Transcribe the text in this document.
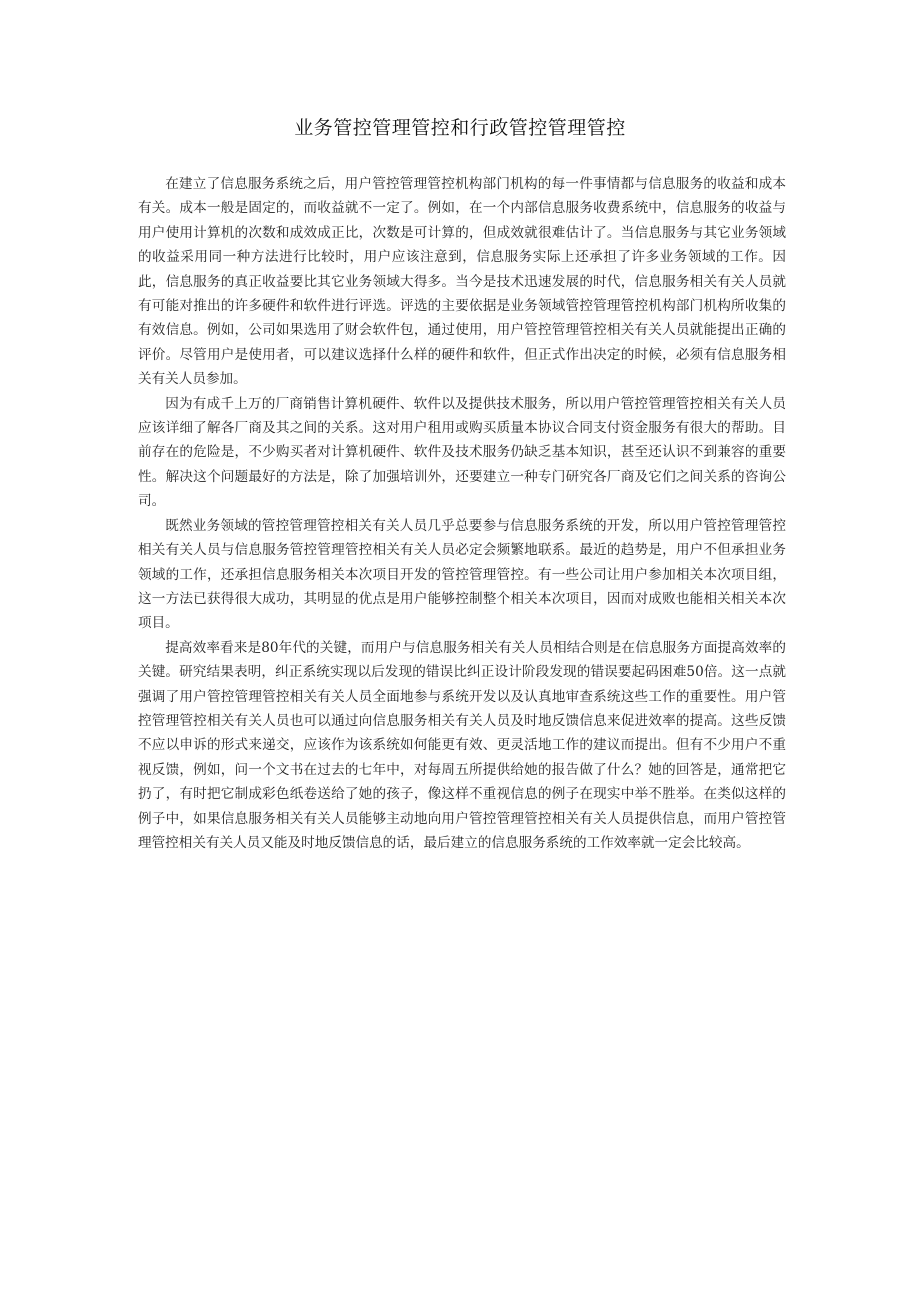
业务管控管理管控和行政管控管理管控

在建立了信息服务系统之后，用户管控管理管控机构部门机构的每一件事情都与信息服务的收益和成本有关。成本一般是固定的，而收益就不一定了。例如，在一个内部信息服务收费系统中，信息服务的收益与用户使用计算机的次数和成效成正比，次数是可计算的，但成效就很难估计了。当信息服务与其它业务领域的收益采用同一种方法进行比较时，用户应该注意到，信息服务实际上还承担了许多业务领域的工作。因此，信息服务的真正收益要比其它业务领域大得多。当今是技术迅速发展的时代，信息服务相关有关人员就有可能对推出的许多硬件和软件进行评选。评选的主要依据是业务领域管控管理管控机构部门机构所收集的有效信息。例如，公司如果选用了财会软件包，通过使用，用户管控管理管控相关有关人员就能提出正确的评价。尽管用户是使用者，可以建议选择什么样的硬件和软件，但正式作出决定的时候，必须有信息服务相关有关人员参加。

因为有成千上万的厂商销售计算机硬件、软件以及提供技术服务，所以用户管控管理管控相关有关人员应该详细了解各厂商及其之间的关系。这对用户租用或购买质量本协议合同支付资金服务有很大的帮助。目前存在的危险是，不少购买者对计算机硬件、软件及技术服务仍缺乏基本知识，甚至还认识不到兼容的重要性。解决这个问题最好的方法是，除了加强培训外，还要建立一种专门研究各厂商及它们之间关系的咨询公司。

既然业务领域的管控管理管控相关有关人员几乎总要参与信息服务系统的开发，所以用户管控管理管控相关有关人员与信息服务管控管理管控相关有关人员必定会频繁地联系。最近的趋势是，用户不但承担业务领域的工作，还承担信息服务相关本次项目开发的管控管理管控。有一些公司让用户参加相关本次项目组，这一方法已获得很大成功，其明显的优点是用户能够控制整个相关本次项目，因而对成败也能相关相关本次项目。

提高效率看来是80年代的关键，而用户与信息服务相关有关人员相结合则是在信息服务方面提高效率的关键。研究结果表明，纠正系统实现以后发现的错误比纠正设计阶段发现的错误要起码困难50倍。这一点就强调了用户管控管理管控相关有关人员全面地参与系统开发以及认真地审查系统这些工作的重要性。用户管控管理管控相关有关人员也可以通过向信息服务相关有关人员及时地反馈信息来促进效率的提高。这些反馈不应以申诉的形式来递交，应该作为该系统如何能更有效、更灵活地工作的建议而提出。但有不少用户不重视反馈，例如，问一个文书在过去的七年中，对每周五所提供给她的报告做了什么？她的回答是，通常把它扔了，有时把它制成彩色纸卷送给了她的孩子，像这样不重视信息的例子在现实中举不胜举。在类似这样的例子中，如果信息服务相关有关人员能够主动地向用户管控管理管控相关有关人员提供信息，而用户管控管理管控相关有关人员又能及时地反馈信息的话，最后建立的信息服务系统的工作效率就一定会比较高。
